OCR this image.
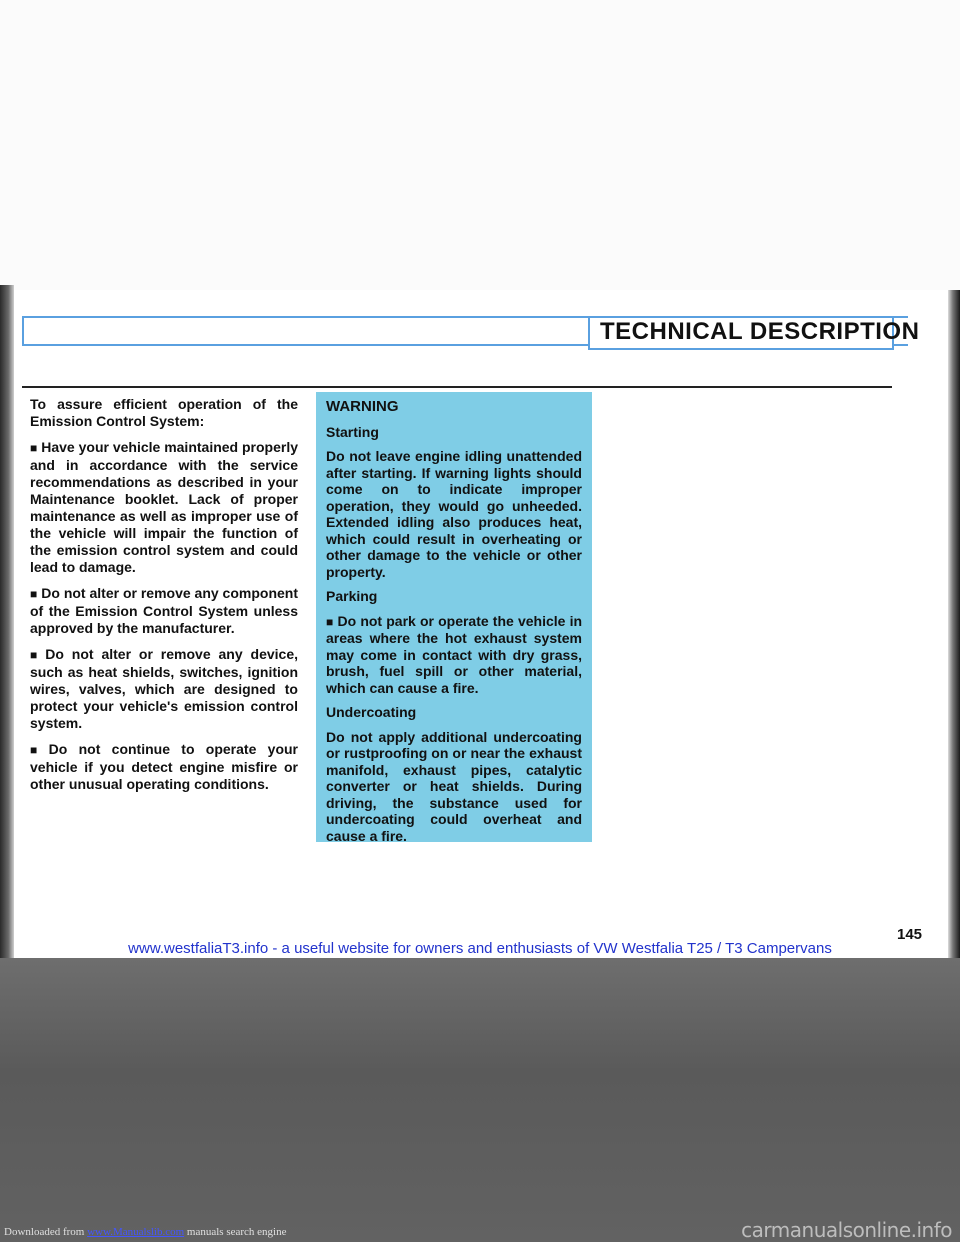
TECHNICAL DESCRIPTION

To assure efficient operation of the Emission Control System:

■ Have your vehicle maintained properly and in accordance with the service recommendations as described in your Maintenance booklet. Lack of proper maintenance as well as improper use of the vehicle will impair the function of the emission control system and could lead to damage.

■ Do not alter or remove any component of the Emission Control System unless approved by the manufacturer.

■ Do not alter or remove any device, such as heat shields, switches, ignition wires, valves, which are designed to protect your vehicle's emission control system.

■ Do not continue to operate your vehicle if you detect engine misfire or other unusual operating conditions.

WARNING
Starting

Do not leave engine idling unattended after starting. If warning lights should come on to indicate improper operation, they would go unheeded. Extended idling also produces heat, which could result in overheating or other damage to the vehicle or other property.

Parking

■ Do not park or operate the vehicle in areas where the hot exhaust system may come in contact with dry grass, brush, fuel spill or other material, which can cause a fire.

Undercoating

Do not apply additional undercoating or rustproofing on or near the exhaust manifold, exhaust pipes, catalytic converter or heat shields. During driving, the substance used for undercoating could overheat and cause a fire.

145
www.westfaliaT3.info - a useful website for owners and enthusiasts of VW Westfalia T25 / T3 Campervans
Downloaded from www.Manualslib.com manuals search engine	carmanualsonline.info
